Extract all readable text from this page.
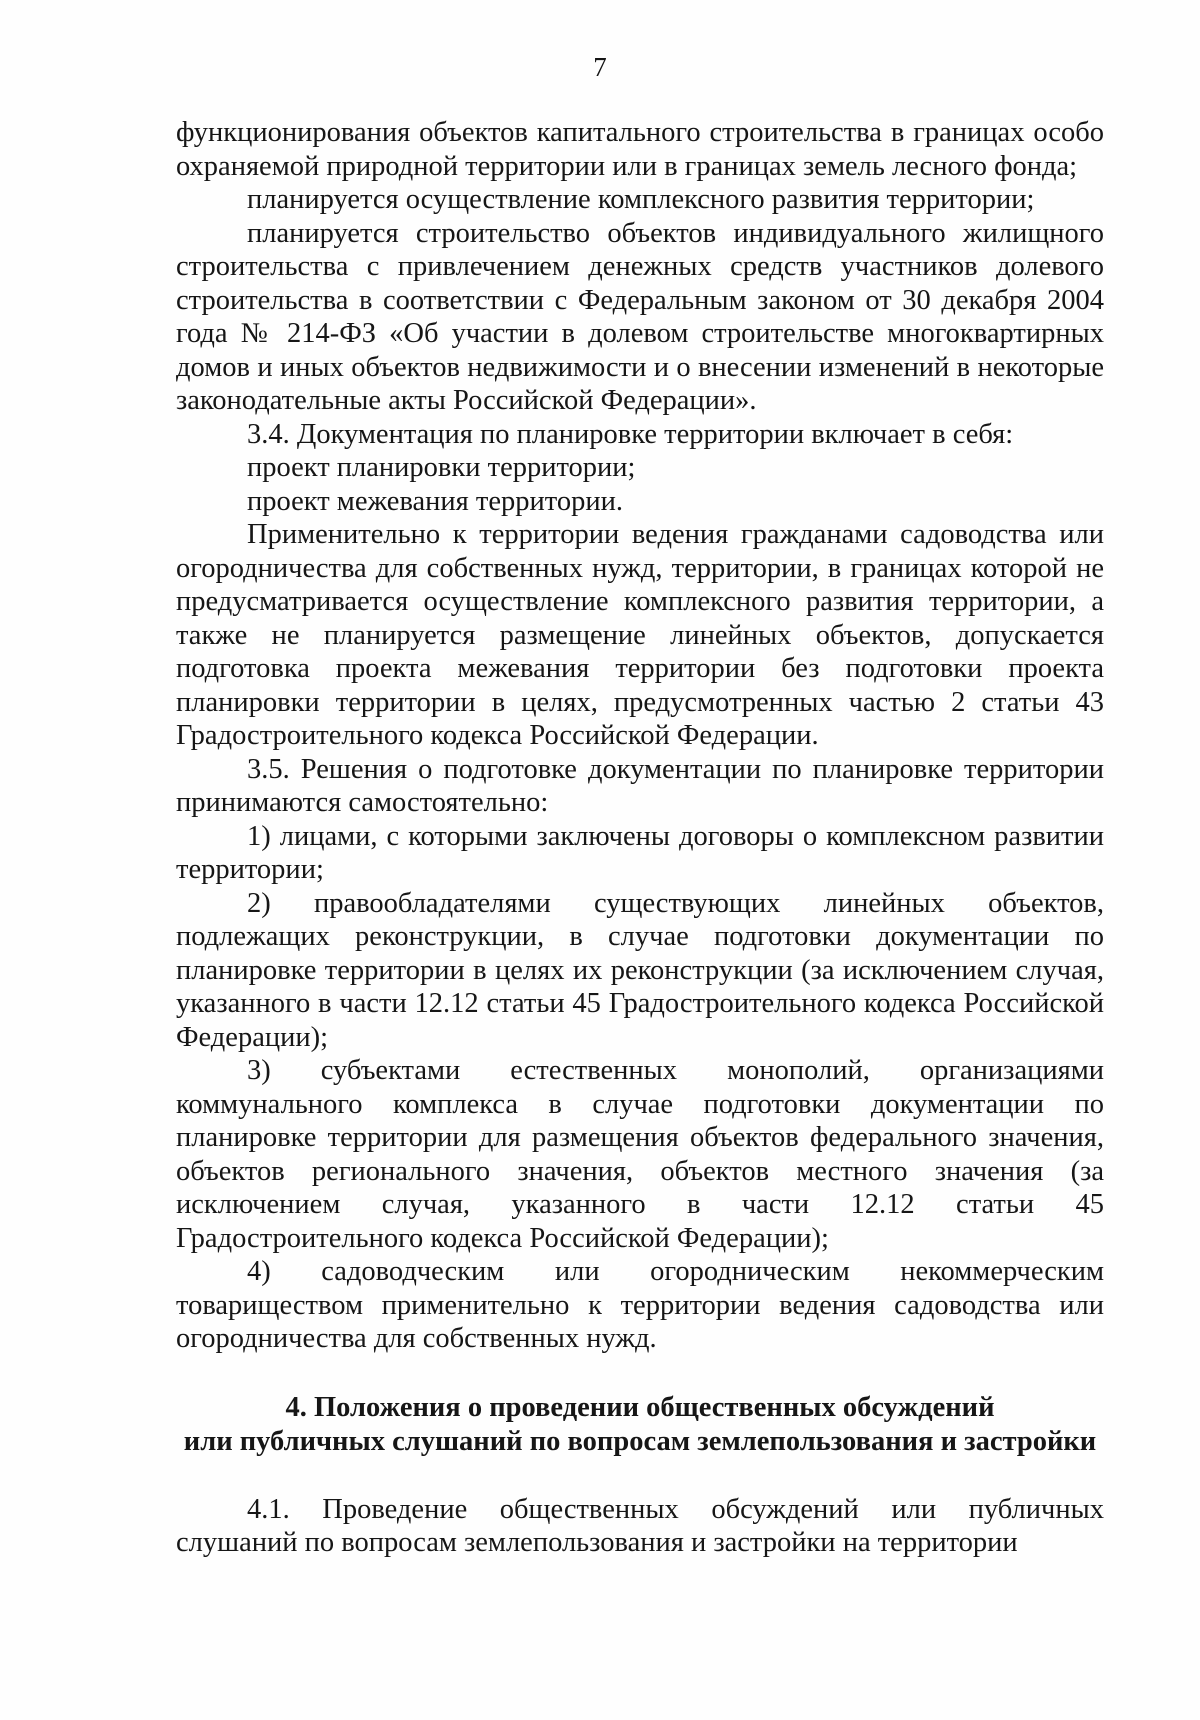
7

функционирования объектов капитального строительства в границах особо охраняемой природной территории или в границах земель лесного фонда;

планируется осуществление комплексного развития территории;

планируется строительство объектов индивидуального жилищного строительства с привлечением денежных средств участников долевого строительства в соответствии с Федеральным законом от 30 декабря 2004 года № 214-ФЗ «Об участии в долевом строительстве многоквартирных домов и иных объектов недвижимости и о внесении изменений в некоторые законодательные акты Российской Федерации».

3.4. Документация по планировке территории включает в себя:

проект планировки территории;

проект межевания территории.

Применительно к территории ведения гражданами садоводства или огородничества для собственных нужд, территории, в границах которой не предусматривается осуществление комплексного развития территории, а также не планируется размещение линейных объектов, допускается подготовка проекта межевания территории без подготовки проекта планировки территории в целях, предусмотренных частью 2 статьи 43 Градостроительного кодекса Российской Федерации.

3.5. Решения о подготовке документации по планировке территории принимаются самостоятельно:

1) лицами, с которыми заключены договоры о комплексном развитии территории;

2) правообладателями существующих линейных объектов, подлежащих реконструкции, в случае подготовки документации по планировке территории в целях их реконструкции (за исключением случая, указанного в части 12.12 статьи 45 Градостроительного кодекса Российской Федерации);

3) субъектами естественных монополий, организациями коммунального комплекса в случае подготовки документации по планировке территории для размещения объектов федерального значения, объектов регионального значения, объектов местного значения (за исключением случая, указанного в части 12.12 статьи 45 Градостроительного кодекса Российской Федерации);

4) садоводческим или огородническим некоммерческим товариществом применительно к территории ведения садоводства или огородничества для собственных нужд.

4. Положения о проведении общественных обсуждений
или публичных слушаний по вопросам землепользования и застройки

4.1. Проведение общественных обсуждений или публичных слушаний по вопросам землепользования и застройки на территории
